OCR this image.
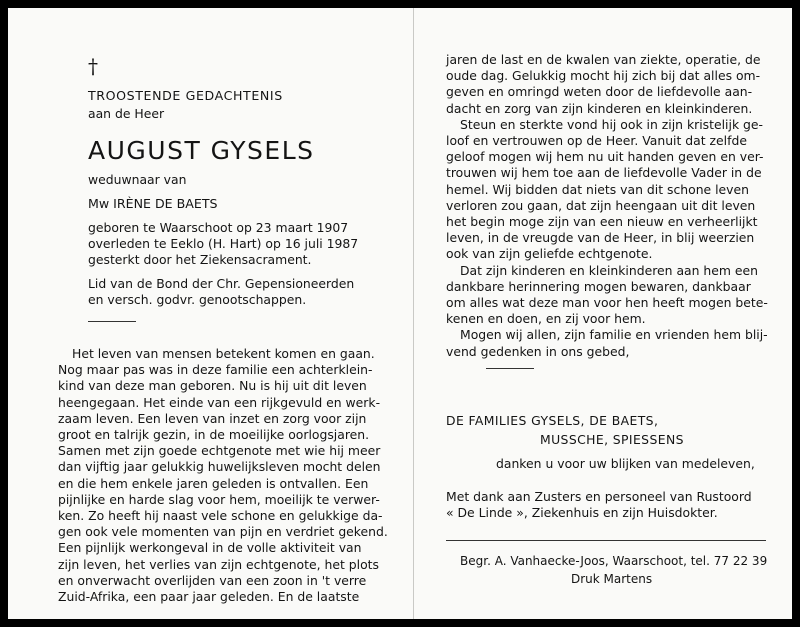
†
TROOSTENDE GEDACHTENIS
aan de Heer
AUGUST GYSELS
weduwnaar van
Mw IRÈNE DE BAETS
geboren te Waarschoot op 23 maart 1907
overleden te Eeklo (H. Hart) op 16 juli 1987
gesterkt door het Ziekensacrament.
Lid van de Bond der Chr. Gepensioneerden
en versch. godvr. genootschappen.
Het leven van mensen betekent komen en gaan.
Nog maar pas was in deze familie een achterklein-
kind van deze man geboren. Nu is hij uit dit leven
heengegaan. Het einde van een rijkgevuld en werk-
zaam leven. Een leven van inzet en zorg voor zijn
groot en talrijk gezin, in de moeilijke oorlogsjaren.
Samen met zijn goede echtgenote met wie hij meer
dan vijftig jaar gelukkig huwelijksleven mocht delen
en die hem enkele jaren geleden is ontvallen. Een
pijnlijke en harde slag voor hem, moeilijk te verwer-
ken. Zo heeft hij naast vele schone en gelukkige da-
gen ook vele momenten van pijn en verdriet gekend.
Een pijnlijk werkongeval in de volle aktiviteit van
zijn leven, het verlies van zijn echtgenote, het plots
en onverwacht overlijden van een zoon in 't verre
Zuid-Afrika, een paar jaar geleden. En de laatste
jaren de last en de kwalen van ziekte, operatie, de
oude dag. Gelukkig mocht hij zich bij dat alles om-
geven en omringd weten door de liefdevolle aan-
dacht en zorg van zijn kinderen en kleinkinderen.
Steun en sterkte vond hij ook in zijn kristelijk ge-
loof en vertrouwen op de Heer. Vanuit dat zelfde
geloof mogen wij hem nu uit handen geven en ver-
trouwen wij hem toe aan de liefdevolle Vader in de
hemel. Wij bidden dat niets van dit schone leven
verloren zou gaan, dat zijn heengaan uit dit leven
het begin moge zijn van een nieuw en verheerlijkt
leven, in de vreugde van de Heer, in blij weerzien
ook van zijn geliefde echtgenote.
Dat zijn kinderen en kleinkinderen aan hem een
dankbare herinnering mogen bewaren, dankbaar
om alles wat deze man voor hen heeft mogen bete-
kenen en doen, en zij voor hem.
Mogen wij allen, zijn familie en vrienden hem blij-
vend gedenken in ons gebed,
DE FAMILIES GYSELS, DE BAETS,
MUSSCHE, SPIESSENS
danken u voor uw blijken van medeleven,
Met dank aan Zusters en personeel van Rustoord
« De Linde », Ziekenhuis en zijn Huisdokter.
Begr. A. Vanhaecke-Joos, Waarschoot, tel. 77 22 39
Druk Martens
